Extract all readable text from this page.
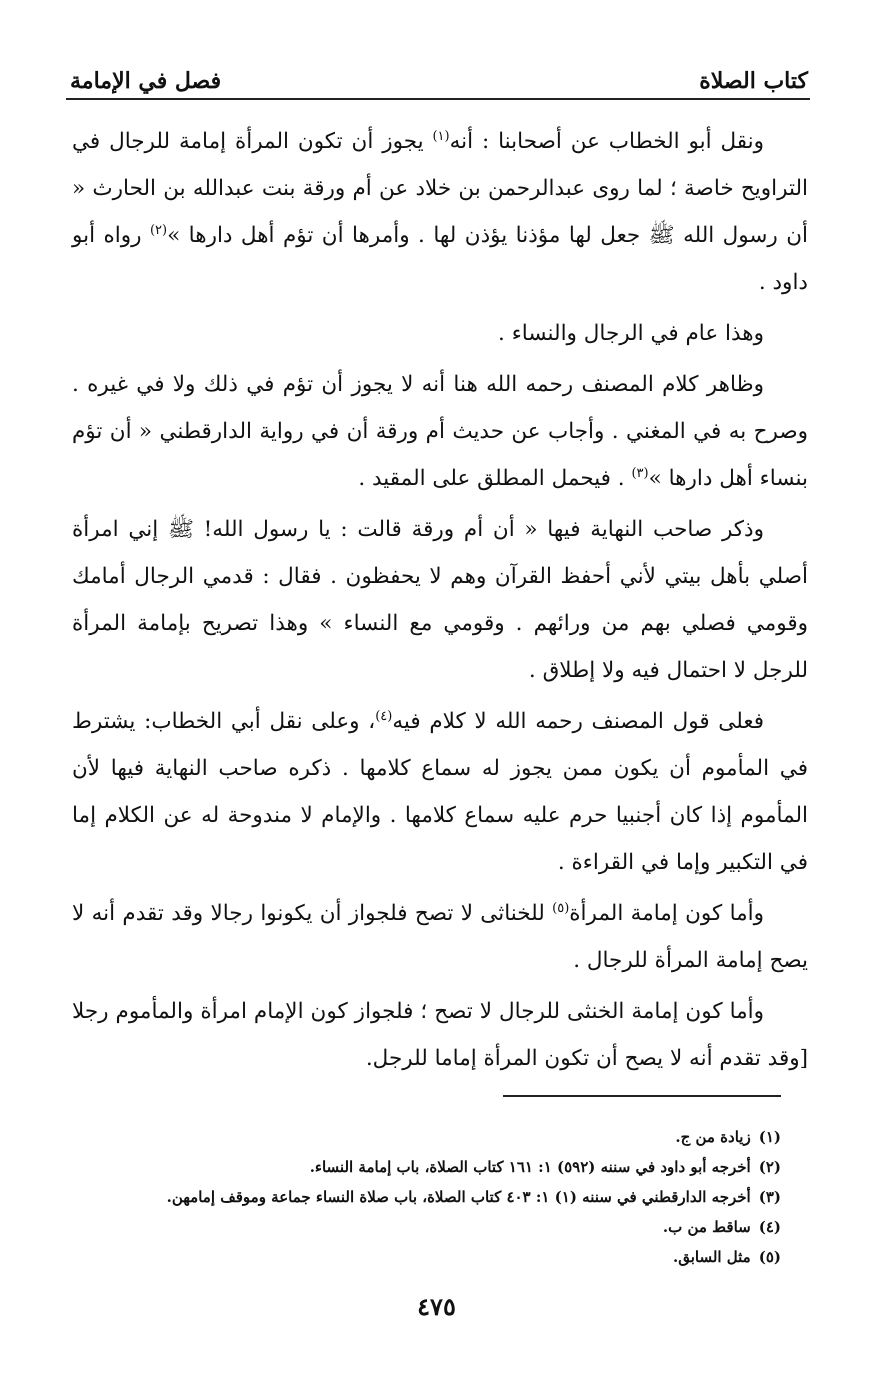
كتاب الصلاة
فصل في الإمامة

ونقل أبو الخطاب عن أصحابنا : أنه$^{(١)}$ يجوز أن تكون المرأة إمامة للرجال في التراويح خاصة ؛ لما روى عبدالرحمن بن خلاد عن أم ورقة بنت عبدالله بن الحارث « أن رسول الله ﷺ جعل لها مؤذنا يؤذن لها . وأمرها أن تؤم أهل دارها »$^{(٢)}$ رواه أبو داود .

وهذا عام في الرجال والنساء .

وظاهر كلام المصنف رحمه الله هنا أنه لا يجوز أن تؤم في ذلك ولا في غيره . وصرح به في المغني . وأجاب عن حديث أم ورقة أن في رواية الدارقطني « أن تؤم بنساء أهل دارها »$^{(٣)}$ . فيحمل المطلق على المقيد .

وذكر صاحب النهاية فيها « أن أم ورقة قالت : يا رسول الله! ﷺ إني امرأة أصلي بأهل بيتي لأني أحفظ القرآن وهم لا يحفظون . فقال : قدمي الرجال أمامك وقومي فصلي بهم من ورائهم . وقومي مع النساء » وهذا تصريح بإمامة المرأة للرجل لا احتمال فيه ولا إطلاق .

فعلى قول المصنف رحمه الله لا كلام فيه$^{(٤)}$، وعلى نقل أبي الخطاب: يشترط في المأموم أن يكون ممن يجوز له سماع كلامها . ذكره صاحب النهاية فيها لأن المأموم إذا كان أجنبيا حرم عليه سماع كلامها . والإمام لا مندوحة له عن الكلام إما في التكبير وإما في القراءة .

وأما كون إمامة المرأة$^{(٥)}$ للخناثى لا تصح فلجواز أن يكونوا رجالا وقد تقدم أنه لا يصح إمامة المرأة للرجال .

وأما كون إمامة الخنثى للرجال لا تصح ؛ فلجواز كون الإمام امرأة والمأموم رجلا [وقد تقدم أنه لا يصح أن تكون المرأة إماما للرجل.

(١)
زيادة من ج.
(٢)
أخرجه أبو داود في سننه (٥٩٢) ١: ١٦١ كتاب الصلاة، باب إمامة النساء.
(٣)
أخرجه الدارقطني في سننه (١) ١: ٤٠٣ كتاب الصلاة، باب صلاة النساء جماعة وموقف إمامهن.
(٤)
ساقط من ب.
(٥)
مثل السابق.
٤٧٥
